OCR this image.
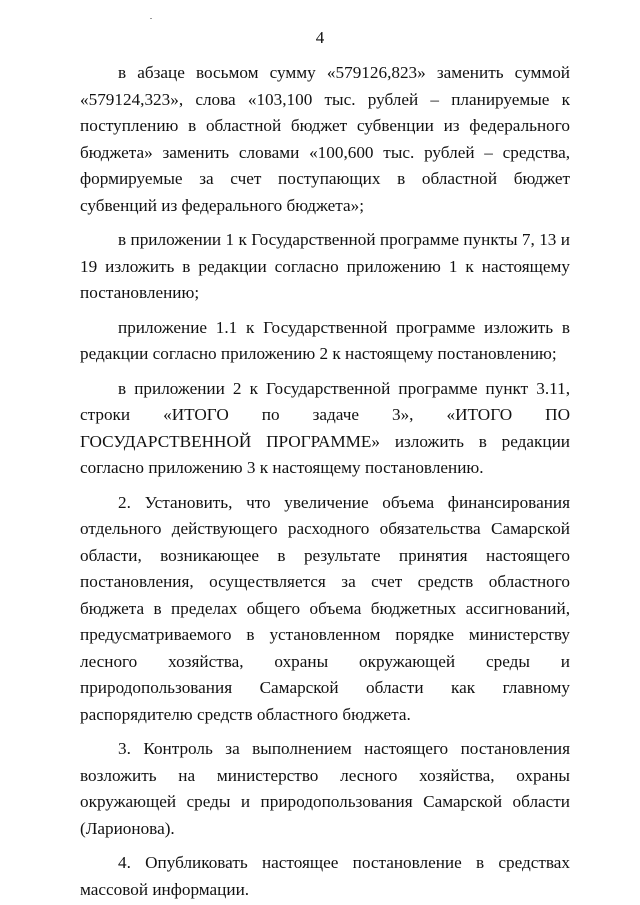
4

в абзаце восьмом сумму «579126,823» заменить суммой «579124,323», слова «103,100 тыс. рублей – планируемые к поступлению в областной бюджет субвенции из федерального бюджета» заменить словами «100,600 тыс. рублей – средства, формируемые за счет поступающих в областной бюджет субвенций из федерального бюджета»;

в приложении 1 к Государственной программе пункты 7, 13 и 19 изложить в редакции согласно приложению 1 к настоящему постановлению;

приложение 1.1 к Государственной программе изложить в редакции согласно приложению 2 к настоящему постановлению;

в приложении 2 к Государственной программе пункт 3.11, строки «ИТОГО по задаче 3», «ИТОГО ПО ГОСУДАРСТВЕННОЙ ПРОГРАММЕ» изложить в редакции согласно приложению 3 к настоящему постановлению.

2. Установить, что увеличение объема финансирования отдельного действующего расходного обязательства Самарской области, возникающее в результате принятия настоящего постановления, осуществляется за счет средств областного бюджета в пределах общего объема бюджетных ассигнований, предусматриваемого в установленном порядке министерству лесного хозяйства, охраны окружающей среды и природопользования Самарской области как главному распорядителю средств областного бюджета.

3. Контроль за выполнением настоящего постановления возложить на министерство лесного хозяйства, охраны окружающей среды и природопользования Самарской области (Ларионова).

4. Опубликовать настоящее постановление в средствах массовой информации.
